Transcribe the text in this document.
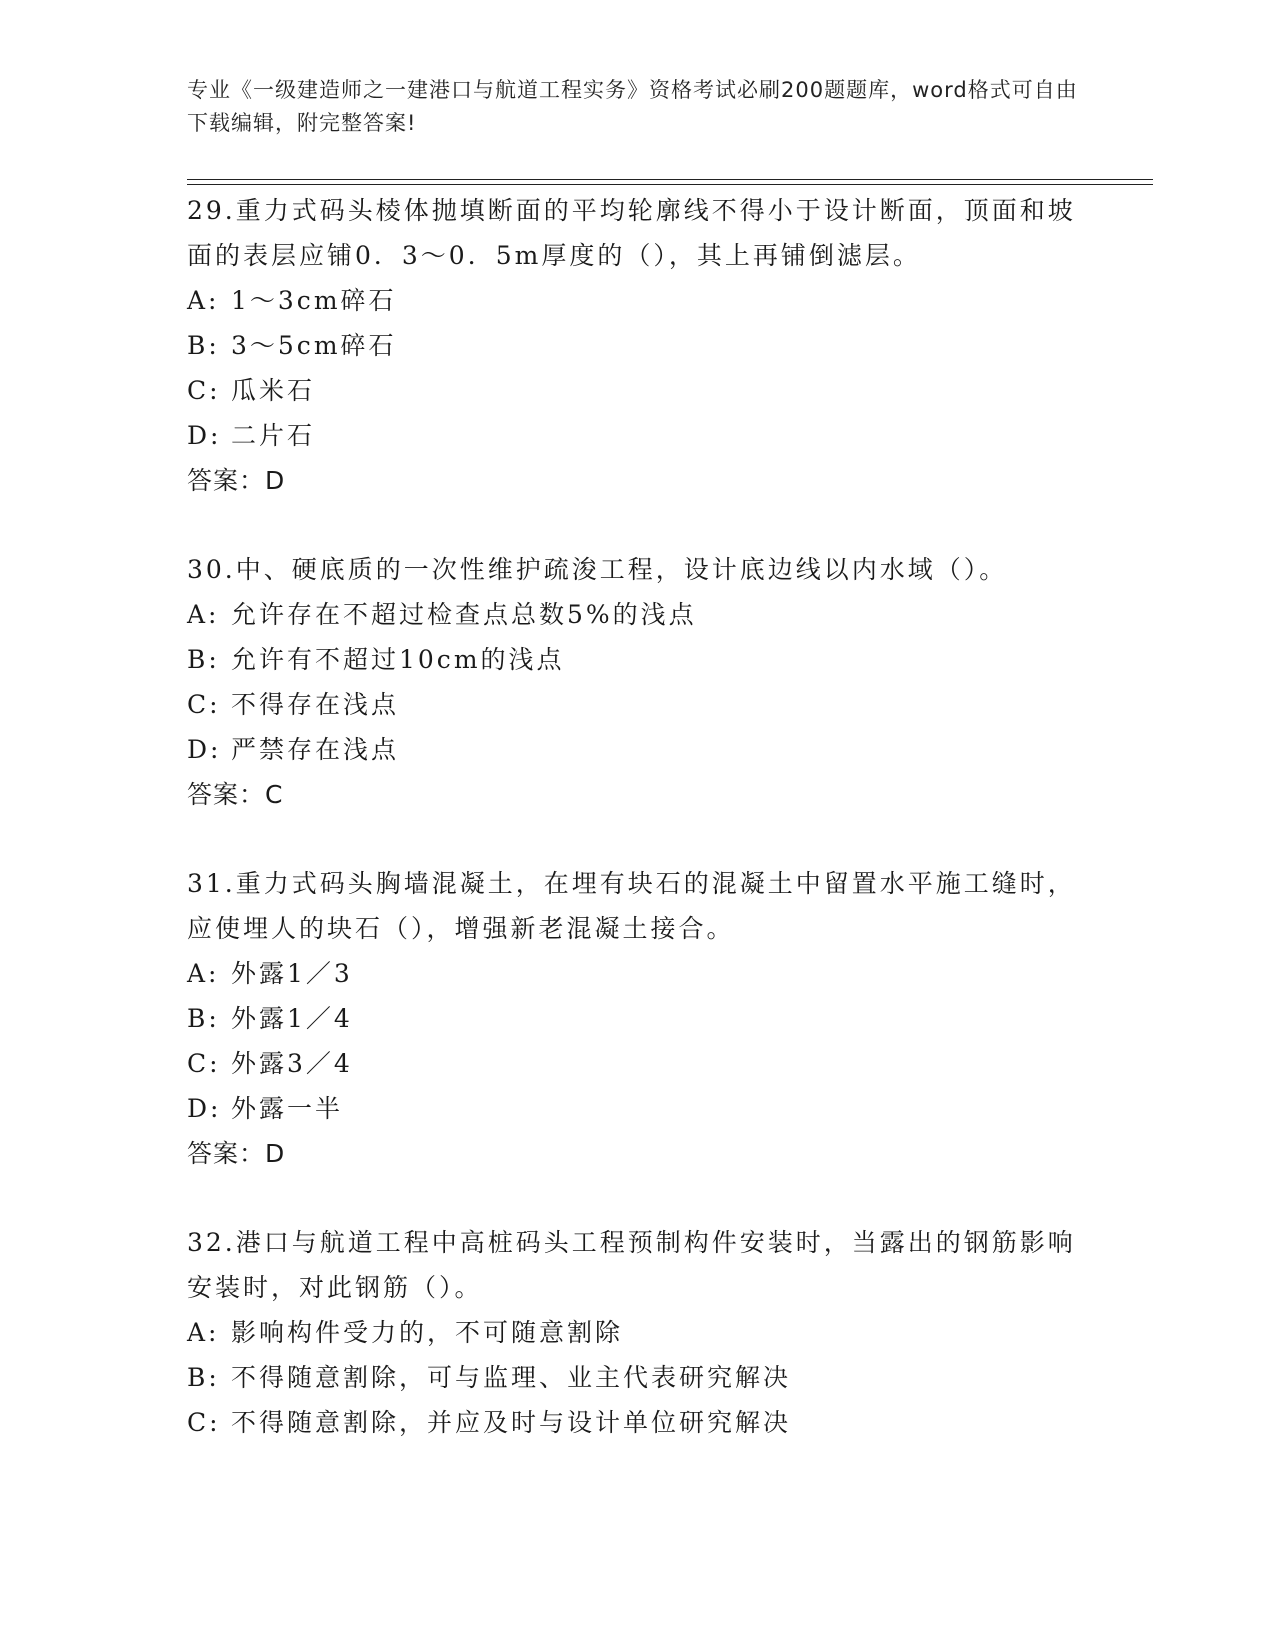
专业《一级建造师之一建港口与航道工程实务》资格考试必刷200题题库，word格式可自由下载编辑，附完整答案!

29.重力式码头棱体抛填断面的平均轮廓线不得小于设计断面，顶面和坡面的表层应铺0．3～0．5m厚度的（），其上再铺倒滤层。

A: 1～3cm碎石
B: 3～5cm碎石
C: 瓜米石
D: 二片石
答案：D

30.中、硬底质的一次性维护疏浚工程，设计底边线以内水域（）。

A: 允许存在不超过检查点总数5%的浅点
B: 允许有不超过10cm的浅点
C: 不得存在浅点
D: 严禁存在浅点
答案：C

31.重力式码头胸墙混凝土，在埋有块石的混凝土中留置水平施工缝时，应使埋人的块石（），增强新老混凝土接合。

A: 外露1／3
B: 外露1／4
C: 外露3／4
D: 外露一半
答案：D

32.港口与航道工程中高桩码头工程预制构件安装时，当露出的钢筋影响安装时，对此钢筋（）。

A: 影响构件受力的，不可随意割除
B: 不得随意割除，可与监理、业主代表研究解决
C: 不得随意割除，并应及时与设计单位研究解决
